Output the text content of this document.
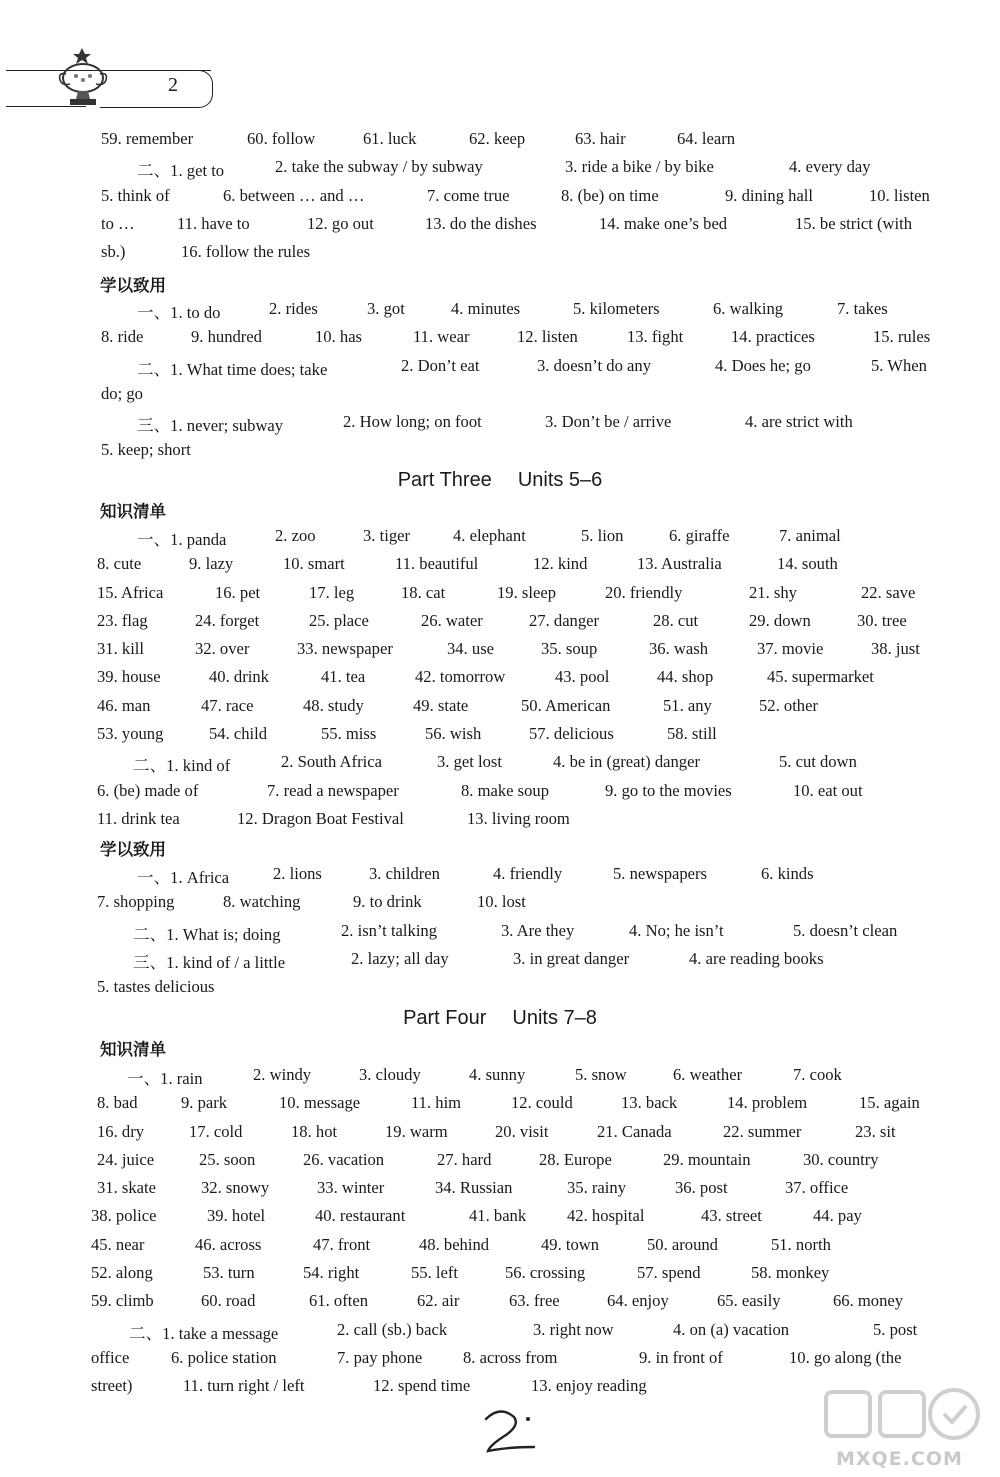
2
59. remember	60. follow	61. luck	62. keep	63. hair	64. learn
二、1. get to	2. take the subway / by subway	3. ride a bike / by bike	4. every day
5. think of	6. between … and …	7. come true	8. (be) on time	9. dining hall	10. listen
to …	11. have to	12. go out	13. do the dishes	14. make one’s bed	15. be strict (with
sb.)	16. follow the rules
学以致用
一、1. to do	2. rides	3. got	4. minutes	5. kilometers	6. walking	7. takes
8. ride	9. hundred	10. has	11. wear	12. listen	13. fight	14. practices	15. rules
二、1. What time does; take	2. Don’t eat	3. doesn’t do any	4. Does he; go	5. When
do; go
三、1. never; subway	2. How long; on foot	3. Don’t be / arrive	4. are strict with
5. keep; short
Part Three Units 5–6
知识清单
一、1. panda	2. zoo	3. tiger	4. elephant	5. lion	6. giraffe	7. animal
8. cute	9. lazy	10. smart	11. beautiful	12. kind	13. Australia	14. south
15. Africa	16. pet	17. leg	18. cat	19. sleep	20. friendly	21. shy	22. save
23. flag	24. forget	25. place	26. water	27. danger	28. cut	29. down	30. tree
31. kill	32. over	33. newspaper	34. use	35. soup	36. wash	37. movie	38. just
39. house	40. drink	41. tea	42. tomorrow	43. pool	44. shop	45. supermarket
46. man	47. race	48. study	49. state	50. American	51. any	52. other
53. young	54. child	55. miss	56. wish	57. delicious	58. still
二、1. kind of	2. South Africa	3. get lost	4. be in (great) danger	5. cut down
6. (be) made of	7. read a newspaper	8. make soup	9. go to the movies	10. eat out
11. drink tea	12. Dragon Boat Festival	13. living room
学以致用
一、1. Africa	2. lions	3. children	4. friendly	5. newspapers	6. kinds
7. shopping	8. watching	9. to drink	10. lost
二、1. What is; doing	2. isn’t talking	3. Are they	4. No; he isn’t	5. doesn’t clean
三、1. kind of / a little	2. lazy; all day	3. in great danger	4. are reading books
5. tastes delicious
Part Four Units 7–8
知识清单
一、1. rain	2. windy	3. cloudy	4. sunny	5. snow	6. weather	7. cook
8. bad	9. park	10. message	11. him	12. could	13. back	14. problem	15. again
16. dry	17. cold	18. hot	19. warm	20. visit	21. Canada	22. summer	23. sit
24. juice	25. soon	26. vacation	27. hard	28. Europe	29. mountain	30. country
31. skate	32. snowy	33. winter	34. Russian	35. rainy	36. post	37. office
38. police	39. hotel	40. restaurant	41. bank 42. hospital	43. street	44. pay
45. near	46. across	47. front	48. behind	49. town	50. around	51. north
52. along	53. turn	54. right	55. left	56. crossing	57. spend	58. monkey
59. climb	60. road	61. often	62. air	63. free	64. enjoy	65. easily	66. money
二、1. take a message	2. call (sb.) back	3. right now	4. on (a) vacation	5. post
office	6. police station	7. pay phone 8. across from	9. in front of	10. go along (the
street)	11. turn right / left	12. spend time	13. enjoy reading
MXQE.COM
